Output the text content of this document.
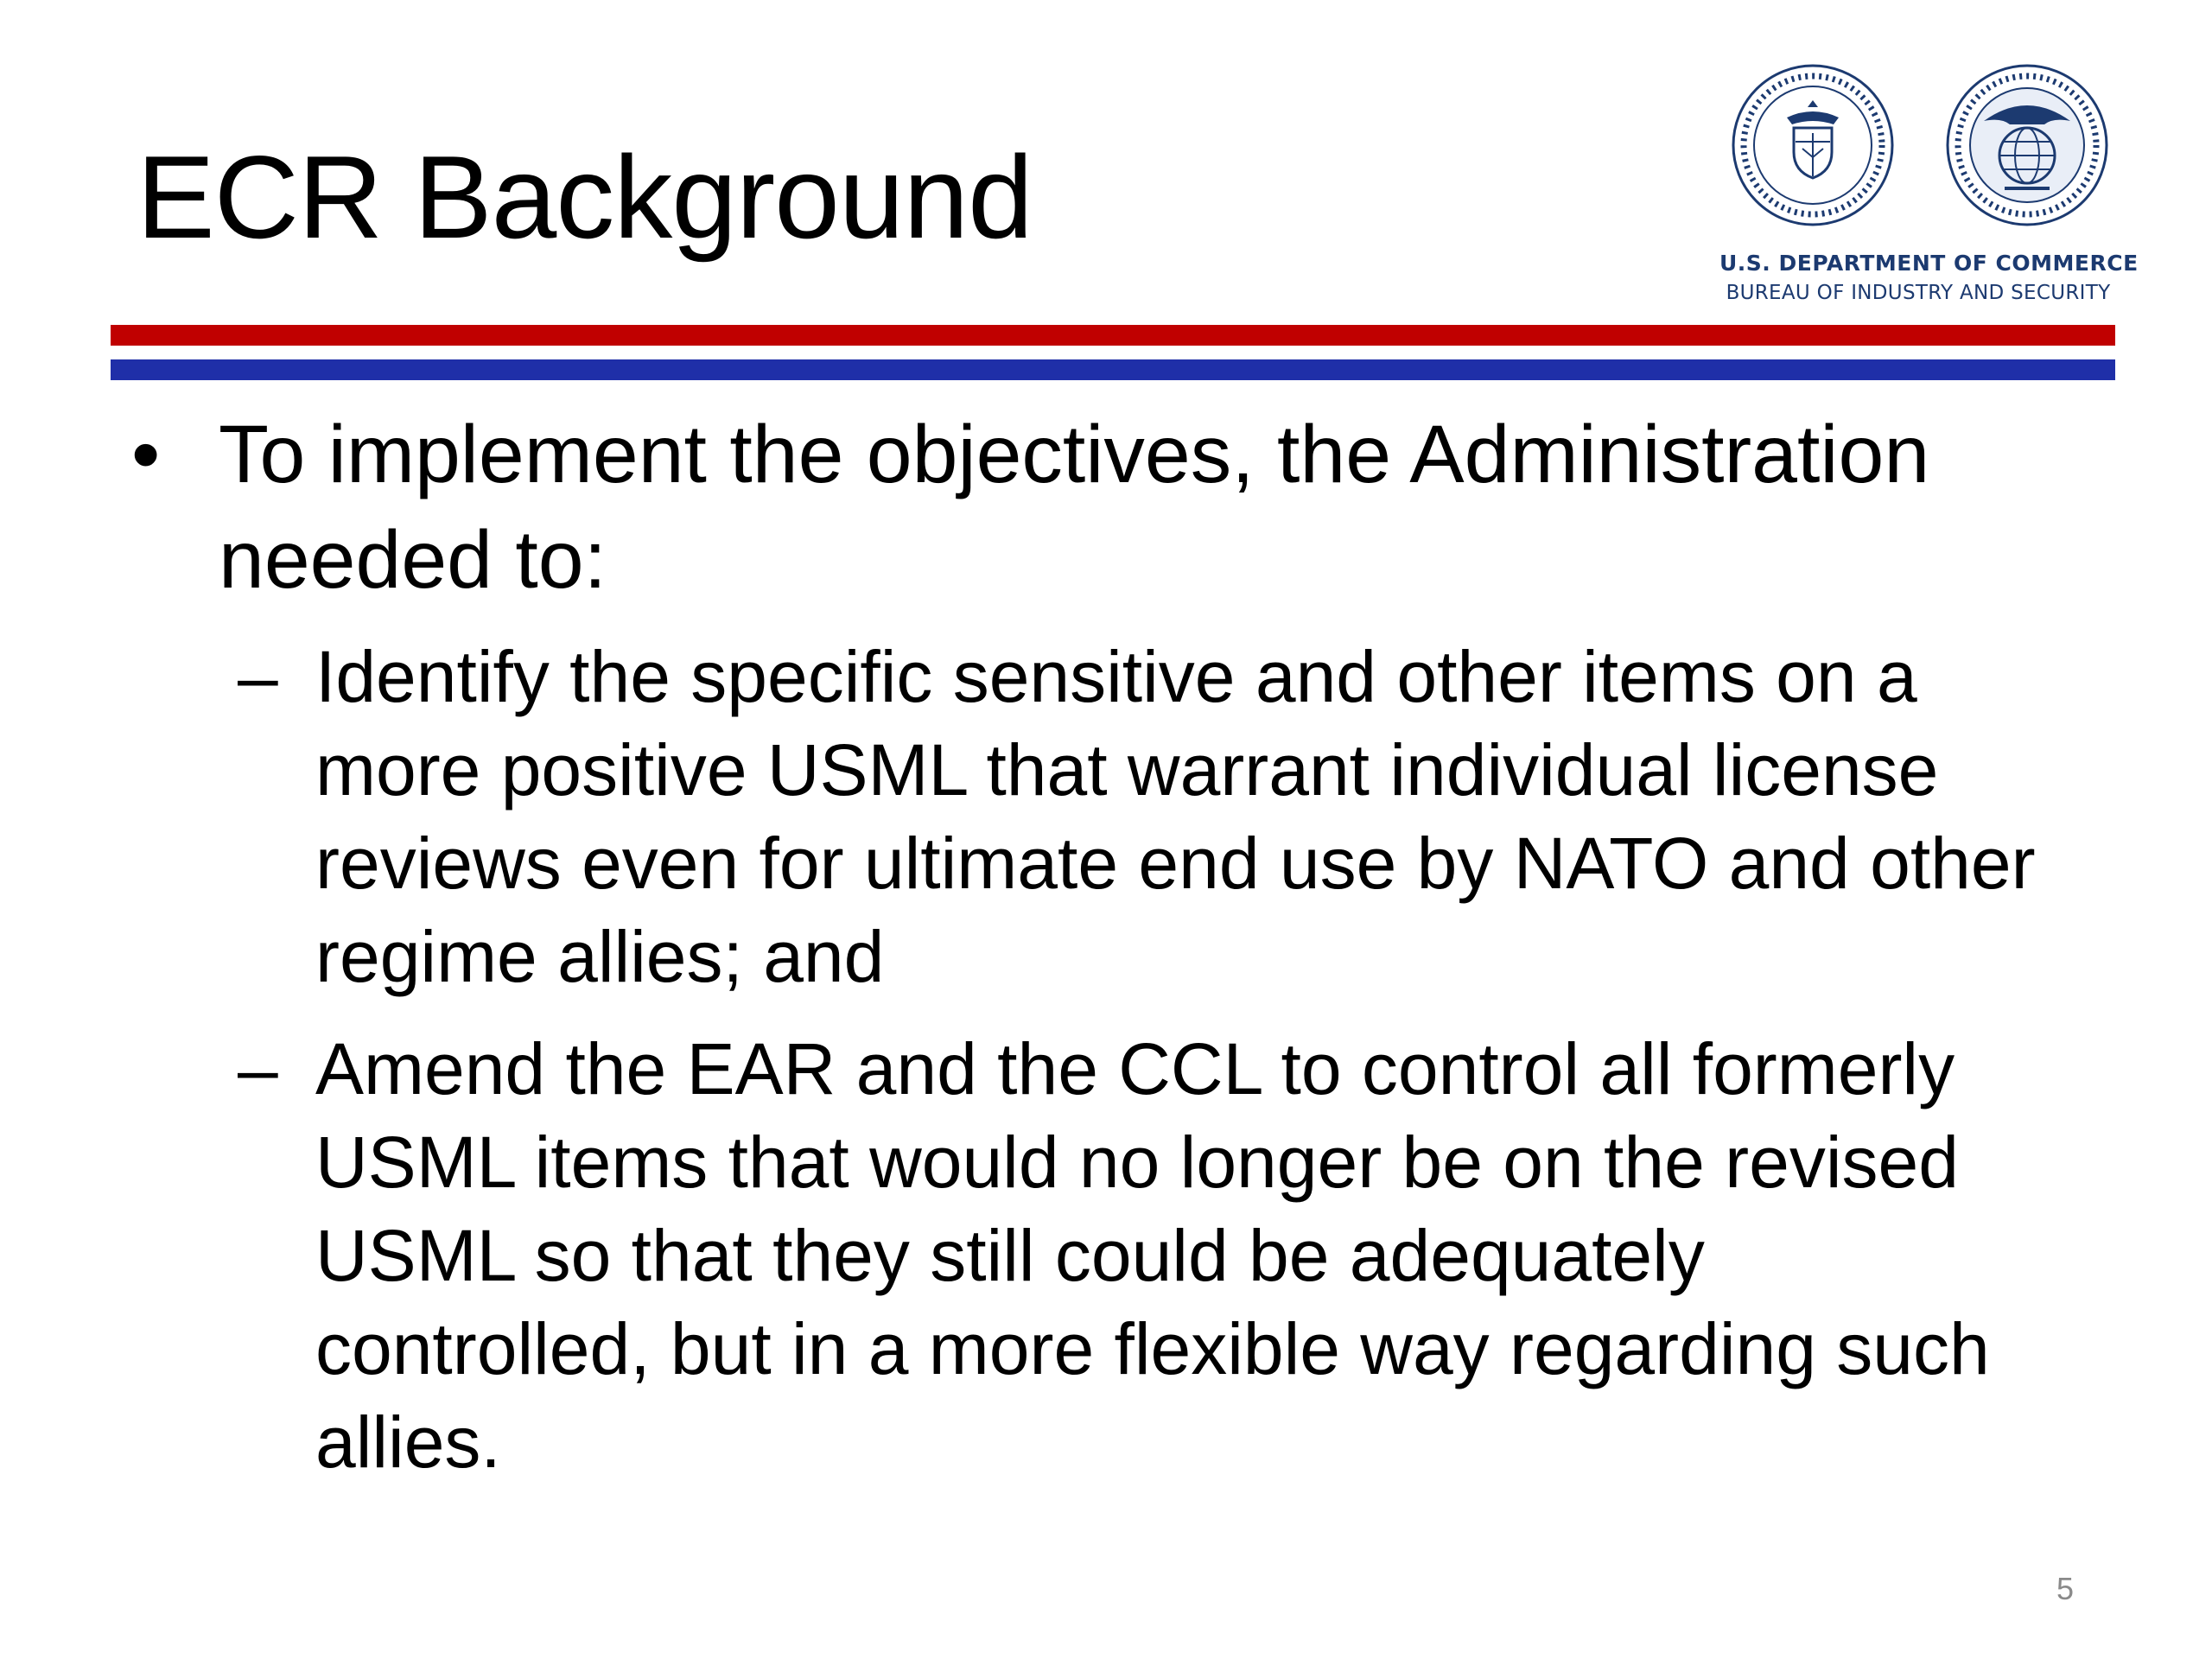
ECR Background
U.S. DEPARTMENT OF COMMERCE
BUREAU OF INDUSTRY AND SECURITY

• To implement the objectives, the Administration needed to:

– Identify the specific sensitive and other items on a more positive USML that warrant individual license reviews even for ultimate end use by NATO and other regime allies; and
– Amend the EAR and the CCL to control all formerly USML items that would no longer be on the revised USML so that they still could be adequately controlled, but in a more flexible way regarding such allies.
5
